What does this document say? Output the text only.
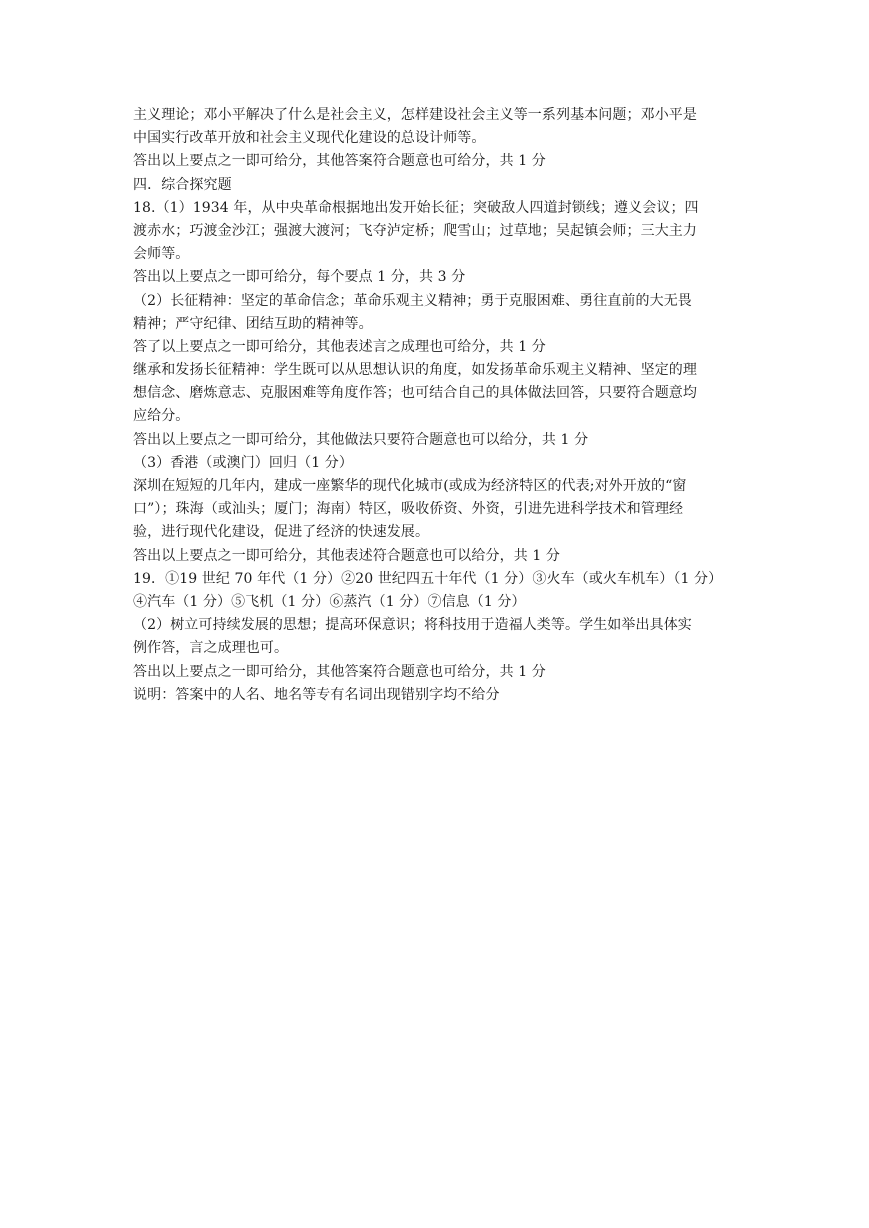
主义理论；邓小平解决了什么是社会主义，怎样建设社会主义等一系列基本问题；邓小平是
中国实行改革开放和社会主义现代化建设的总设计师等。
答出以上要点之一即可给分，其他答案符合题意也可给分，共 1 分
四．综合探究题
18.（1）1934 年，从中央革命根据地出发开始长征；突破敌人四道封锁线；遵义会议；四
渡赤水；巧渡金沙江；强渡大渡河；飞夺泸定桥；爬雪山；过草地；吴起镇会师；三大主力
会师等。
答出以上要点之一即可给分，每个要点 1 分，共 3 分
（2）长征精神：坚定的革命信念；革命乐观主义精神；勇于克服困难、勇往直前的大无畏
精神；严守纪律、团结互助的精神等。
答了以上要点之一即可给分，其他表述言之成理也可给分，共 1 分
继承和发扬长征精神：学生既可以从思想认识的角度，如发扬革命乐观主义精神、坚定的理
想信念、磨炼意志、克服困难等角度作答；也可结合自己的具体做法回答，只要符合题意均
应给分。
答出以上要点之一即可给分，其他做法只要符合题意也可以给分，共 1 分
（3）香港（或澳门）回归（1 分）
深圳在短短的几年内，建成一座繁华的现代化城市(或成为经济特区的代表;对外开放的“窗
口”）；珠海（或汕头；厦门；海南）特区，吸收侨资、外资，引进先进科学技术和管理经
验，进行现代化建设，促进了经济的快速发展。
答出以上要点之一即可给分，其他表述符合题意也可以给分，共 1 分
19．①19 世纪 70 年代（1 分）②20 世纪四五十年代（1 分）③火车（或火车机车）（1 分）
④汽车（1 分）⑤飞机（1 分）⑥蒸汽（1 分）⑦信息（1 分）
（2）树立可持续发展的思想；提高环保意识；将科技用于造福人类等。学生如举出具体实
例作答，言之成理也可。
答出以上要点之一即可给分，其他答案符合题意也可给分，共 1 分
说明：答案中的人名、地名等专有名词出现错别字均不给分
